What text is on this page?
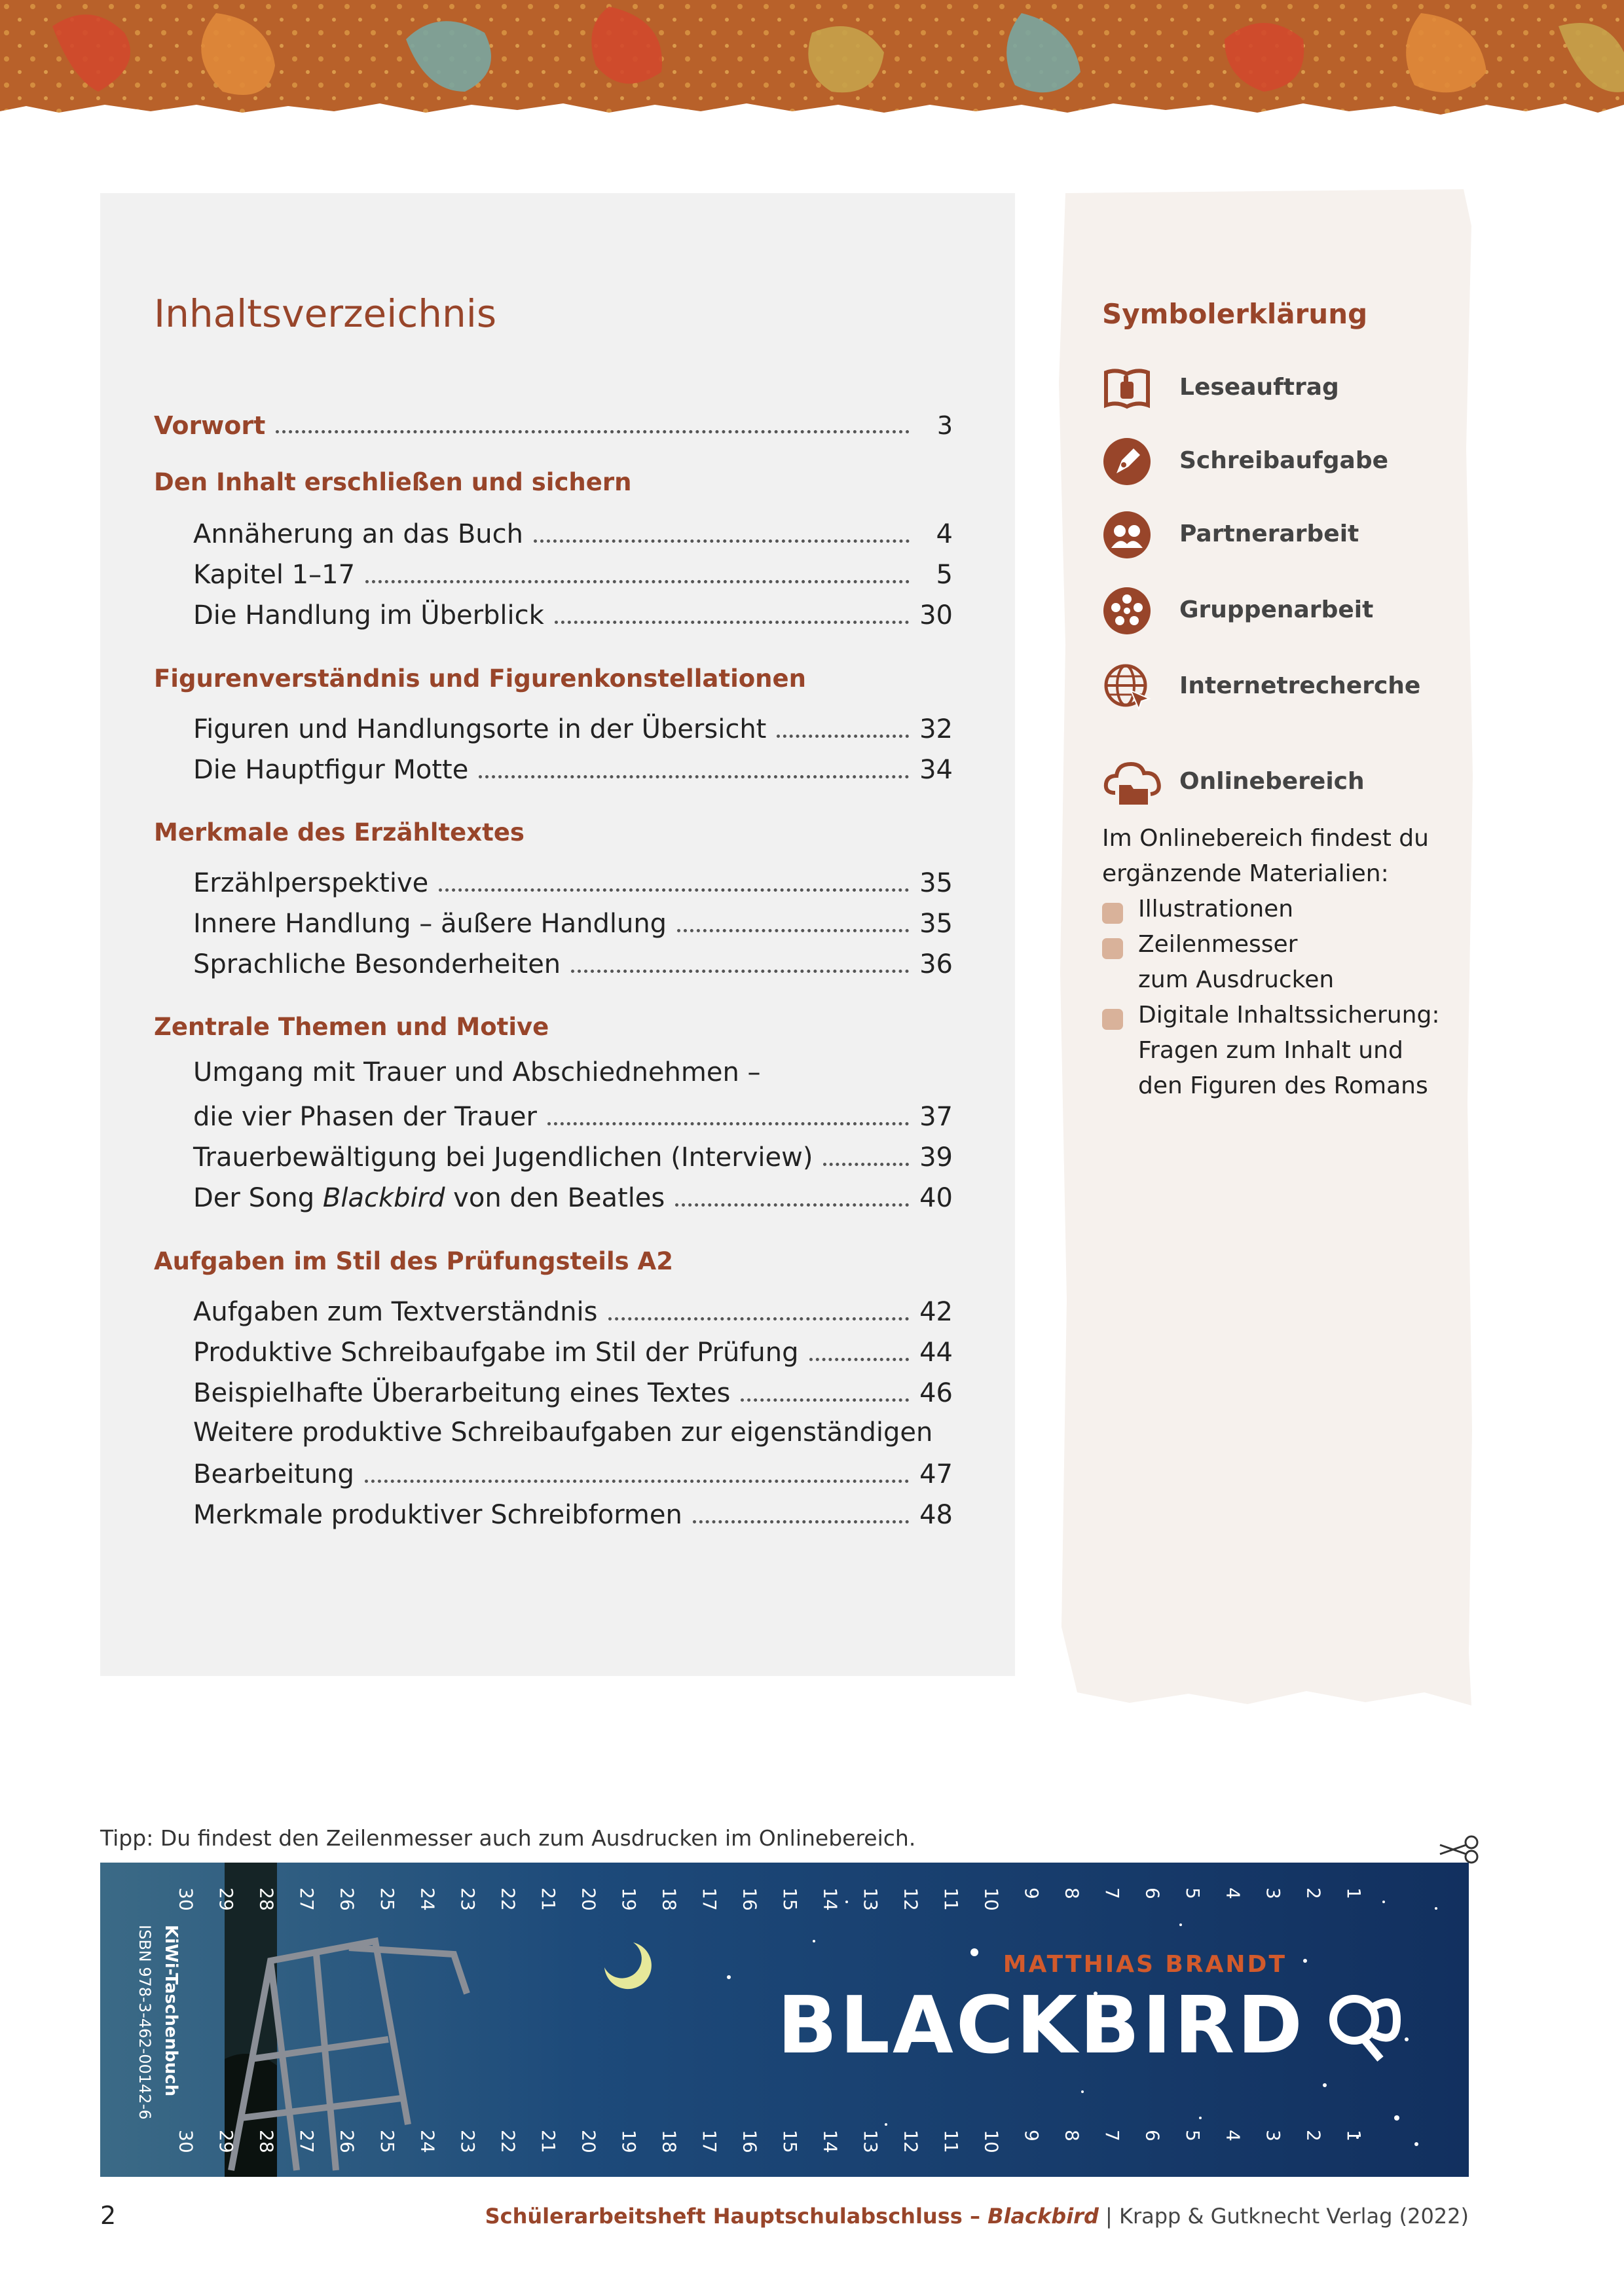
Inhaltsverzeichnis
Vorwort	3
Den Inhalt erschließen und sichern
Annäherung an das Buch	4
Kapitel 1–17	5
Die Handlung im Überblick	30
Figurenverständnis und Figurenkonstellationen
Figuren und Handlungsorte in der Übersicht	32
Die Hauptfigur Motte	34
Merkmale des Erzähltextes
Erzählperspektive	35
Innere Handlung – äußere Handlung	35
Sprachliche Besonderheiten	36
Zentrale Themen und Motive
Umgang mit Trauer und Abschiednehmen –
die vier Phasen der Trauer	37
Trauerbewältigung bei Jugendlichen (Interview)	39
Der Song Blackbird von den Beatles	40
Aufgaben im Stil des Prüfungsteils A2
Aufgaben zum Textverständnis	42
Produktive Schreibaufgabe im Stil der Prüfung	44
Beispielhafte Überarbeitung eines Textes	46
Weitere produktive Schreibaufgaben zur eigenständigen
Bearbeitung	47
Merkmale produktiver Schreibformen	48
Symbolerklärung
Leseauftrag
Schreibaufgabe
Partnerarbeit
Gruppenarbeit
Internetrecherche
Onlinebereich
Im Onlinebereich findest du
ergänzende Materialien:
Illustrationen
Zeilenmesser
zum Ausdrucken
Digitale Inhaltssicherung:
Fragen zum Inhalt und
den Figuren des Romans
Tipp: Du findest den Zeilenmesser auch zum Ausdrucken im Onlinebereich.
1
2
3
4
5
6
7
8
9
10
11
12
13
14
15
16
17
18
19
20
21
22
23
24
25
26
27
28
29
30
1
2
3
4
5
6
7
8
9
10
11
12
13
14
15
16
17
18
19
20
21
22
23
24
25
26
27
28
29
30
KiWi-Taschenbuch
ISBN 978-3-462-00142-6	MATTHIAS BRANDT
BLACKBIRD
2	Schülerarbeitsheft Hauptschulabschluss – Blackbird | Krapp & Gutknecht Verlag (2022)
